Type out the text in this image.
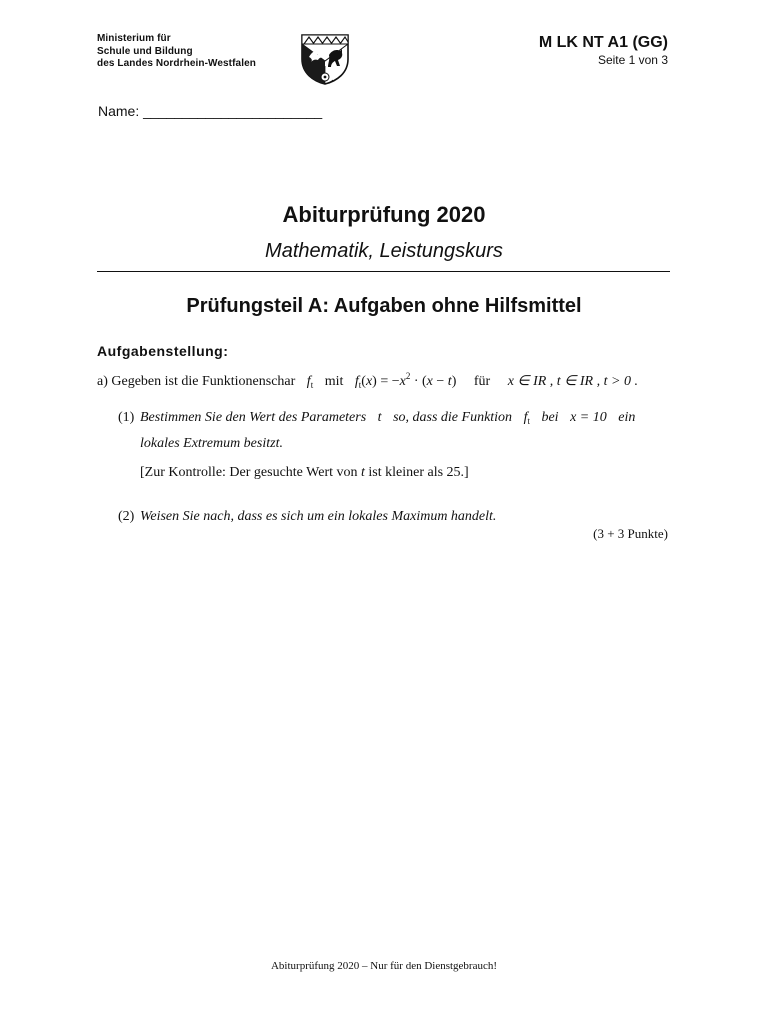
Ministerium für
Schule und Bildung
des Landes Nordrhein-Westfalen
M LK NT A1 (GG)
Seite 1 von 3
Name: _______________________
Abiturprüfung 2020
Mathematik, Leistungskurs
Prüfungsteil A: Aufgaben ohne Hilfsmittel
Aufgabenstellung:
a) Gegeben ist die Funktionenschar $f_t$ mit $f_t(x) = -x^2 \cdot (x - t)$ für x ∈ IR , t ∈ IR , t > 0 .
(1) Bestimmen Sie den Wert des Parameters t so, dass die Funktion $f_t$ bei x = 10 ein
lokales Extremum besitzt.
[Zur Kontrolle: Der gesuchte Wert von t ist kleiner als 25.]
(2) Weisen Sie nach, dass es sich um ein lokales Maximum handelt.
(3 + 3 Punkte)
Abiturprüfung 2020 – Nur für den Dienstgebrauch!
